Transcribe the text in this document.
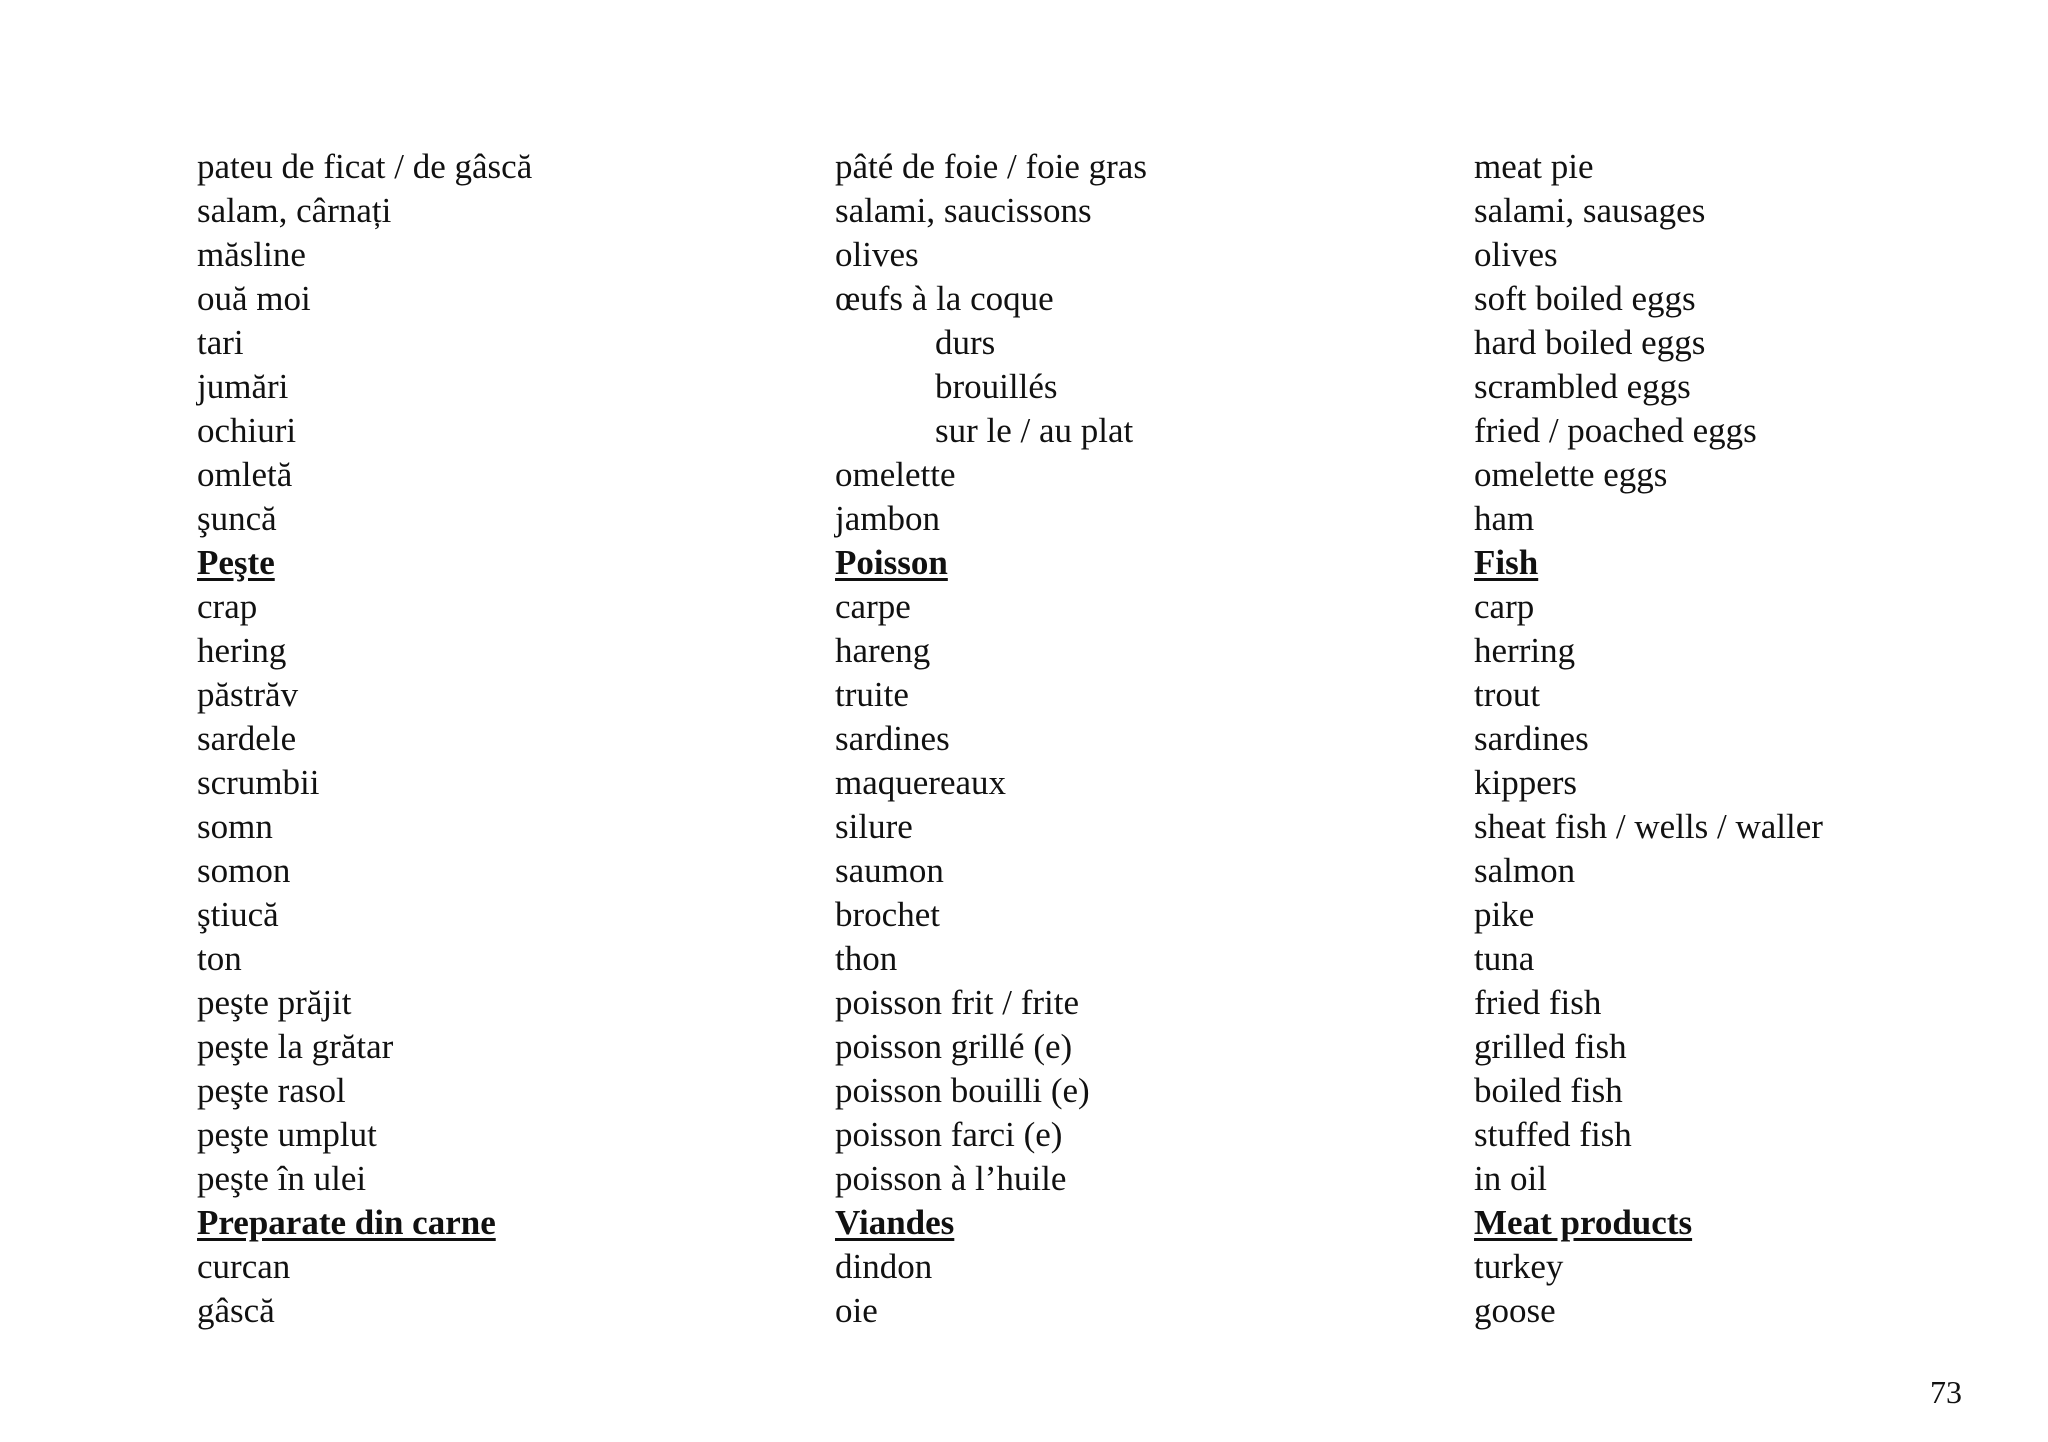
pateu de ficat / de gâscă
salam, cârnați
măsline
ouă moi
tari
jumări
ochiuri
omletă
şuncă
Peşte
crap
hering
păstrăv
sardele
scrumbii
somn
somon
ştiucă
ton
peşte prăjit
peşte la grătar
peşte rasol
peşte umplut
peşte în ulei
Preparate din carne
curcan
gâscă
pâté de foie / foie gras
salami, saucissons
olives
œufs à la coque
durs
brouillés
sur le / au plat
omelette
jambon
Poisson
carpe
hareng
truite
sardines
maquereaux
silure
saumon
brochet
thon
poisson frit / frite
poisson grillé (e)
poisson bouilli (e)
poisson farci (e)
poisson à l’huile
Viandes
dindon
oie
meat pie
salami, sausages
olives
soft boiled eggs
hard boiled eggs
scrambled eggs
fried / poached eggs
omelette eggs
ham
Fish
carp
herring
trout
sardines
kippers
sheat fish / wells / waller
salmon
pike
tuna
fried fish
grilled fish
boiled fish
stuffed fish
in oil
Meat products
turkey
goose
73
